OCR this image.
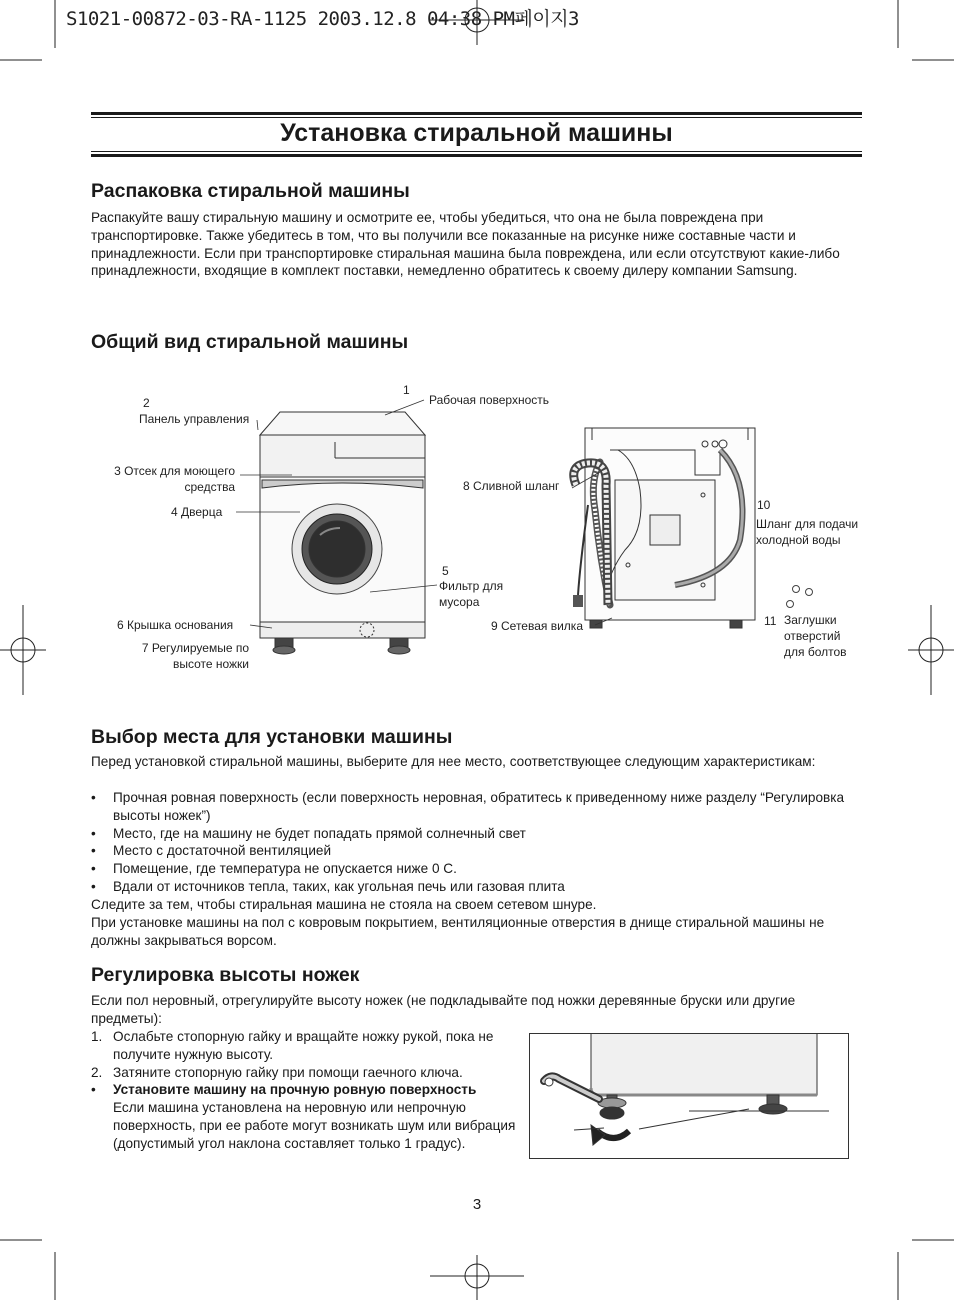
S1021-00872-03-RA-1125 2003.12.8 04:38 PM페이지3
Установка стиральной машины
Распаковка стиральной машины
Распакуйте вашу стиральную машину и осмотрите ее, чтобы убедиться, что она не была повреждена при транспортировке. Также убедитесь в том, что вы получили все показанные на рисунке ниже составные части и принадлежности. Если при транспортировке стиральная машина была повреждена, или если отсутствуют какие-либо принадлежности, входящие в комплект поставки, немедленно обратитесь к своему дилеру компании Samsung.
Общий вид стиральной машины
1
Рабочая поверхность
2
Панель управления
3 Отсек для моющего
средства
4 Дверца
5
Фильтр для
мусора
6 Крышка основания
7 Регулируемые по
высоте ножки
8 Сливной шланг
9 Сетевая вилка
10
Шланг для подачи
холодной воды
11 Заглушки
отверстий
для болтов
Выбор места для установки машины
Перед установкой стиральной машины, выберите для нее место, соответствующее следующим характеристикам:
• Прочная ровная поверхность (если поверхность неровная, обратитесь к приведенному ниже разделу “Регулировка высоты ножек”)
• Место, где на машину не будет попадать прямой солнечный свет
• Место с достаточной вентиляцией
• Помещение, где температура не опускается ниже 0 С.
• Вдали от источников тепла, таких, как угольная печь или газовая плита
Следите за тем, чтобы стиральная машина не стояла на своем сетевом шнуре.
При установке машины на пол с ковровым покрытием, вентиляционные отверстия в днище стиральной машины не должны закрываться ворсом.
Регулировка высоты ножек
Если пол неровный, отрегулируйте высоту ножек (не подкладывайте под ножки деревянные бруски или другие предметы):
1. Ослабьте стопорную гайку и вращайте ножку рукой, пока не получите нужную высоту.
2. Затяните стопорную гайку при помощи гаечного ключа.
• Установите машину на прочную ровную поверхность
Если машина установлена на неровную или непрочную поверхность, при ее работе могут возникать шум или вибрация (допустимый угол наклона составляет только 1 градус).
3
